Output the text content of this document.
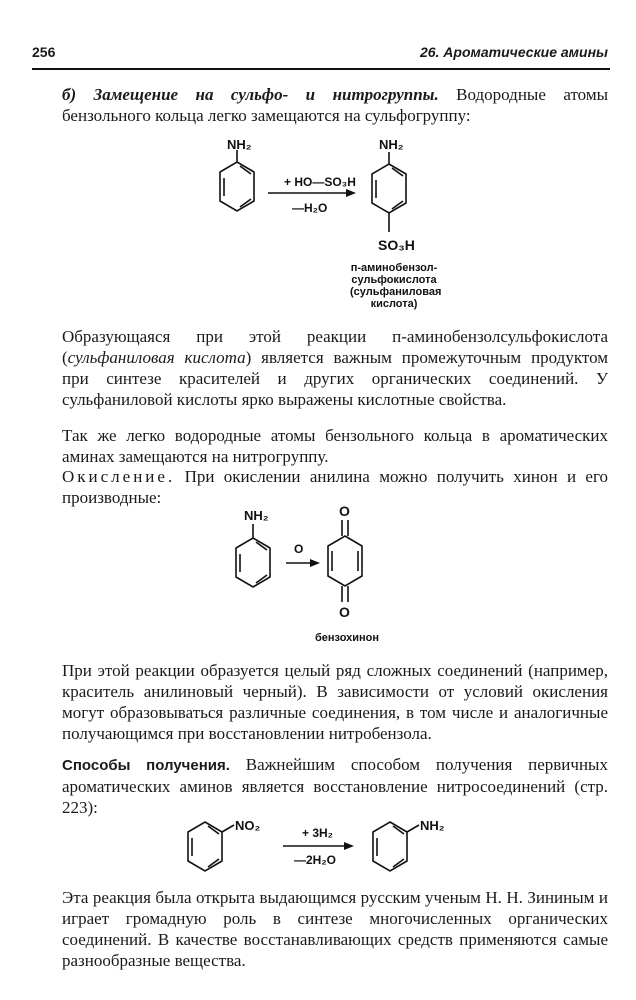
256	26. Ароматические амины

б) Замещение на сульфо- и нитрогруппы. Водородные атомы бензольного кольца легко замещаются на сульфогруппу:

NH₂
+ HO—SO₃H
—H₂O
NH₂
SO₃H
п-аминобензол-
сульфокислота
(сульфаниловая
кислота)

Образующаяся при этой реакции п-аминобензолсульфокислота (сульфаниловая кислота) является важным промежуточным продуктом при синтезе красителей и других органических соединений. У сульфаниловой кислоты ярко выражены кислотные свойства.

Так же легко водородные атомы бензольного кольца в ароматических аминах замещаются на нитрогруппу.

Окисление. При окислении анилина можно получить хинон и его производные:

NH₂
O
O
O
бензохинон

При этой реакции образуется целый ряд сложных соединений (например, краситель анилиновый черный). В зависимости от условий окисления могут образовываться различные соединения, в том числе и аналогичные получающимся при восстановлении нитробензола.

Способы получения. Важнейшим способом получения первичных ароматических аминов является восстановление нитросоединений (стр. 223):

NO₂	+ 3H₂
—2H₂O
NH₂

Эта реакция была открыта выдающимся русским ученым Н. Н. Зининым и играет громадную роль в синтезе многочисленных органических соединений. В качестве восстанавливающих средств применяются самые разнообразные вещества.
